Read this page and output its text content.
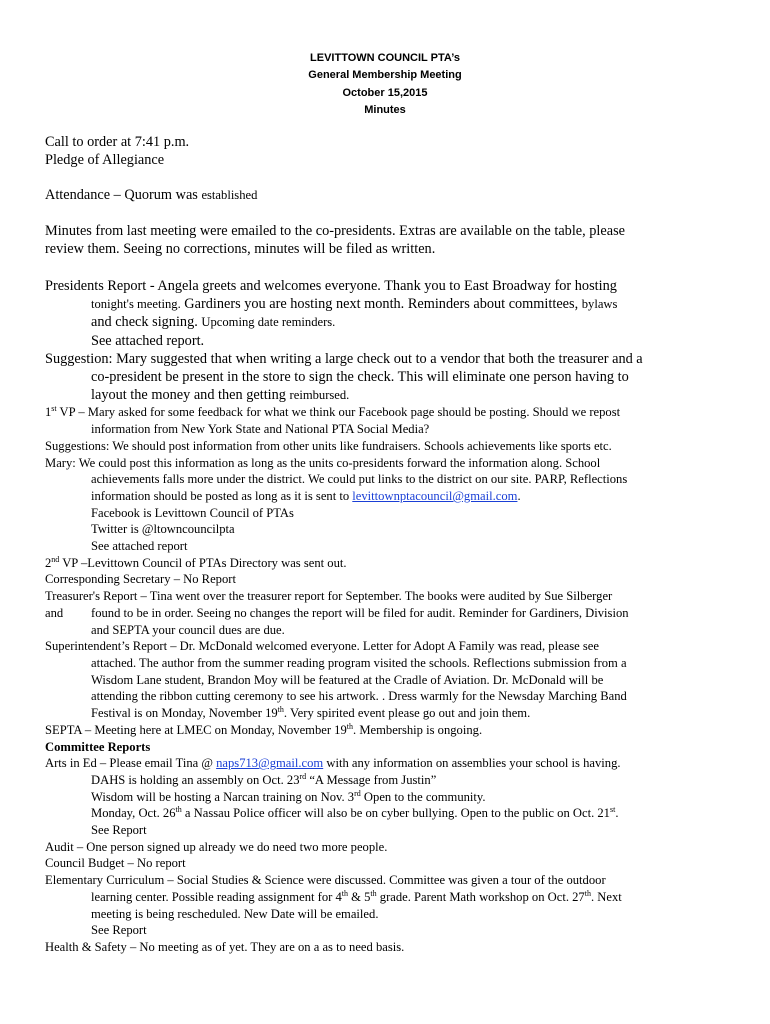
LEVITTOWN COUNCIL PTA’s
General Membership Meeting
October 15,2015
Minutes
Call to order at 7:41 p.m.
Pledge of Allegiance
Attendance – Quorum was established
Minutes from last meeting were emailed to the co-presidents. Extras are available on the table, please
review them. Seeing no corrections, minutes will be filed as written.
Presidents Report - Angela greets and welcomes everyone. Thank you to East Broadway for hosting
tonight's meeting. Gardiners you are hosting next month. Reminders about committees, bylaws
and check signing. Upcoming date reminders.
See attached report.
Suggestion: Mary suggested that when writing a large check out to a vendor that both the treasurer and a
co-president be present in the store to sign the check. This will eliminate one person having to
layout the money and then getting reimbursed.
1st VP – Mary asked for some feedback for what we think our Facebook page should be posting. Should we repost
information from New York State and National PTA Social Media?
Suggestions: We should post information from other units like fundraisers. Schools achievements like sports etc.
Mary: We could post this information as long as the units co-presidents forward the information along. School
achievements falls more under the district. We could put links to the district on our site. PARP, Reflections
information should be posted as long as it is sent to levittownptacouncil@gmail.com.
Facebook is Levittown Council of PTAs
Twitter is @ltowncouncilpta
See attached report
2nd VP –Levittown Council of PTAs Directory was sent out.
Corresponding Secretary – No Report
Treasurer's Report – Tina went over the treasurer report for September. The books were audited by Sue Silberger
and	found to be in order. Seeing no changes the report will be filed for audit. Reminder for Gardiners, Division
and SEPTA your council dues are due.
Superintendent’s Report – Dr. McDonald welcomed everyone. Letter for Adopt A Family was read, please see
attached. The author from the summer reading program visited the schools. Reflections submission from a
Wisdom Lane student, Brandon Moy will be featured at the Cradle of Aviation. Dr. McDonald will be
attending the ribbon cutting ceremony to see his artwork. . Dress warmly for the Newsday Marching Band
Festival is on Monday, November 19th. Very spirited event please go out and join them.
SEPTA – Meeting here at LMEC on Monday, November 19th. Membership is ongoing.
Committee Reports
Arts in Ed – Please email Tina @ naps713@gmail.com with any information on assemblies your school is having.
DAHS is holding an assembly on Oct. 23rd “A Message from Justin”
Wisdom will be hosting a Narcan training on Nov. 3rd Open to the community.
Monday, Oct. 26th a Nassau Police officer will also be on cyber bullying. Open to the public on Oct. 21st.
See Report
Audit – One person signed up already we do need two more people.
Council Budget – No report
Elementary Curriculum – Social Studies & Science were discussed. Committee was given a tour of the outdoor
learning center. Possible reading assignment for 4th & 5th grade. Parent Math workshop on Oct. 27th. Next
meeting is being rescheduled. New Date will be emailed.
See Report
Health & Safety – No meeting as of yet. They are on a as to need basis.
